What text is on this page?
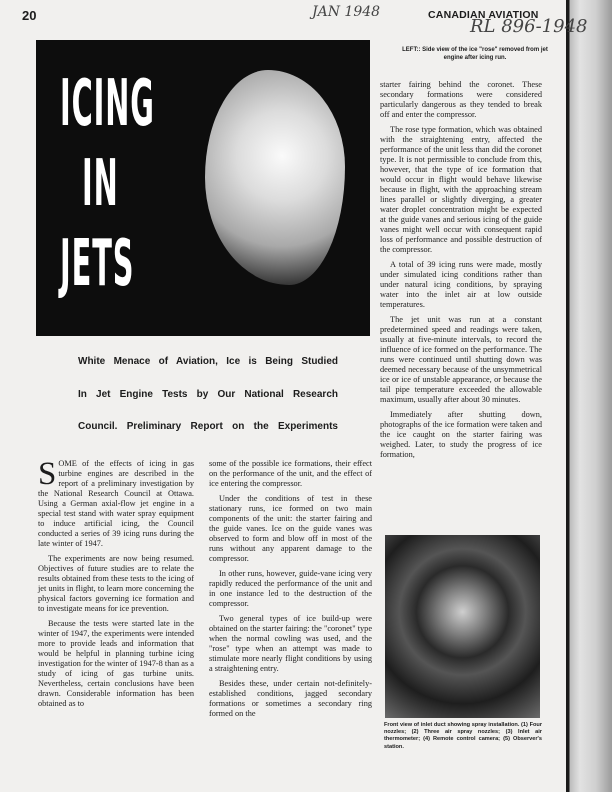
20	JAN 1948	CANADIAN AVIATION
RL 896-1948
ICING
IN
JETS
LEFT:: Side view of the ice "rose" removed from jet engine after icing run.
White Menace of Aviation, Ice is Being Studied
In Jet Engine Tests by Our National Research
Council. Preliminary Report on the Experiments

SOME of the effects of icing in gas turbine engines are described in the report of a preliminary investigation by the National Research Council at Ottawa. Using a German axial-flow jet engine in a special test stand with water spray equipment to induce artificial icing, the Council conducted a series of 39 icing runs during the late winter of 1947.

The experiments are now being resumed. Objectives of future studies are to relate the results obtained from these tests to the icing of jet units in flight, to learn more concerning the physical factors governing ice formation and to investigate means for ice prevention.

Because the tests were started late in the winter of 1947, the experiments were intended more to provide leads and information that would be helpful in planning turbine icing investigation for the winter of 1947-8 than as a study of icing of gas turbine units. Nevertheless, certain conclusions have been drawn. Considerable information has been obtained as to

some of the possible ice formations, their effect on the performance of the unit, and the effect of ice entering the compressor.

Under the conditions of test in these stationary runs, ice formed on two main components of the unit: the starter fairing and the guide vanes. Ice on the guide vanes was observed to form and blow off in most of the runs without any apparent damage to the compressor.

In other runs, however, guide-vane icing very rapidly reduced the performance of the unit and in one instance led to the destruction of the compressor.

Two general types of ice build-up were obtained on the starter fairing: the "coronet" type when the normal cowling was used, and the "rose" type when an attempt was made to stimulate more nearly flight conditions by using a straightening entry.

Besides these, under certain not-definitely-established conditions, jagged secondary formations or sometimes a secondary ring formed on the

starter fairing behind the coronet. These secondary formations were considered particularly dangerous as they tended to break off and enter the compressor.

The rose type formation, which was obtained with the straightening entry, affected the performance of the unit less than did the coronet type. It is not permissible to conclude from this, however, that the type of ice formation that would occur in flight would behave likewise because in flight, with the approaching stream lines parallel or slightly diverging, a greater water droplet concentration might be expected at the guide vanes and serious icing of the guide vanes might well occur with consequent rapid loss of performance and possible destruction of the compressor.

A total of 39 icing runs were made, mostly under simulated icing conditions rather than under natural icing conditions, by spraying water into the inlet air at low outside temperatures.

The jet unit was run at a constant predetermined speed and readings were taken, usually at five-minute intervals, to record the influence of ice formed on the performance. The runs were continued until shutting down was deemed necessary because of the unsymmetrical ice or ice of unstable appearance, or because the tail pipe temperature exceeded the allowable maximum, usually after about 30 minutes.

Immediately after shutting down, photographs of the ice formation were taken and the ice caught on the starter fairing was weighed. Later, to study the progress of ice formation,

Front view of inlet duct showing spray installation. (1) Four nozzles; (2) Three air spray nozzles; (3) Inlet air thermometer; (4) Remote control camera; (5) Observer's station.
